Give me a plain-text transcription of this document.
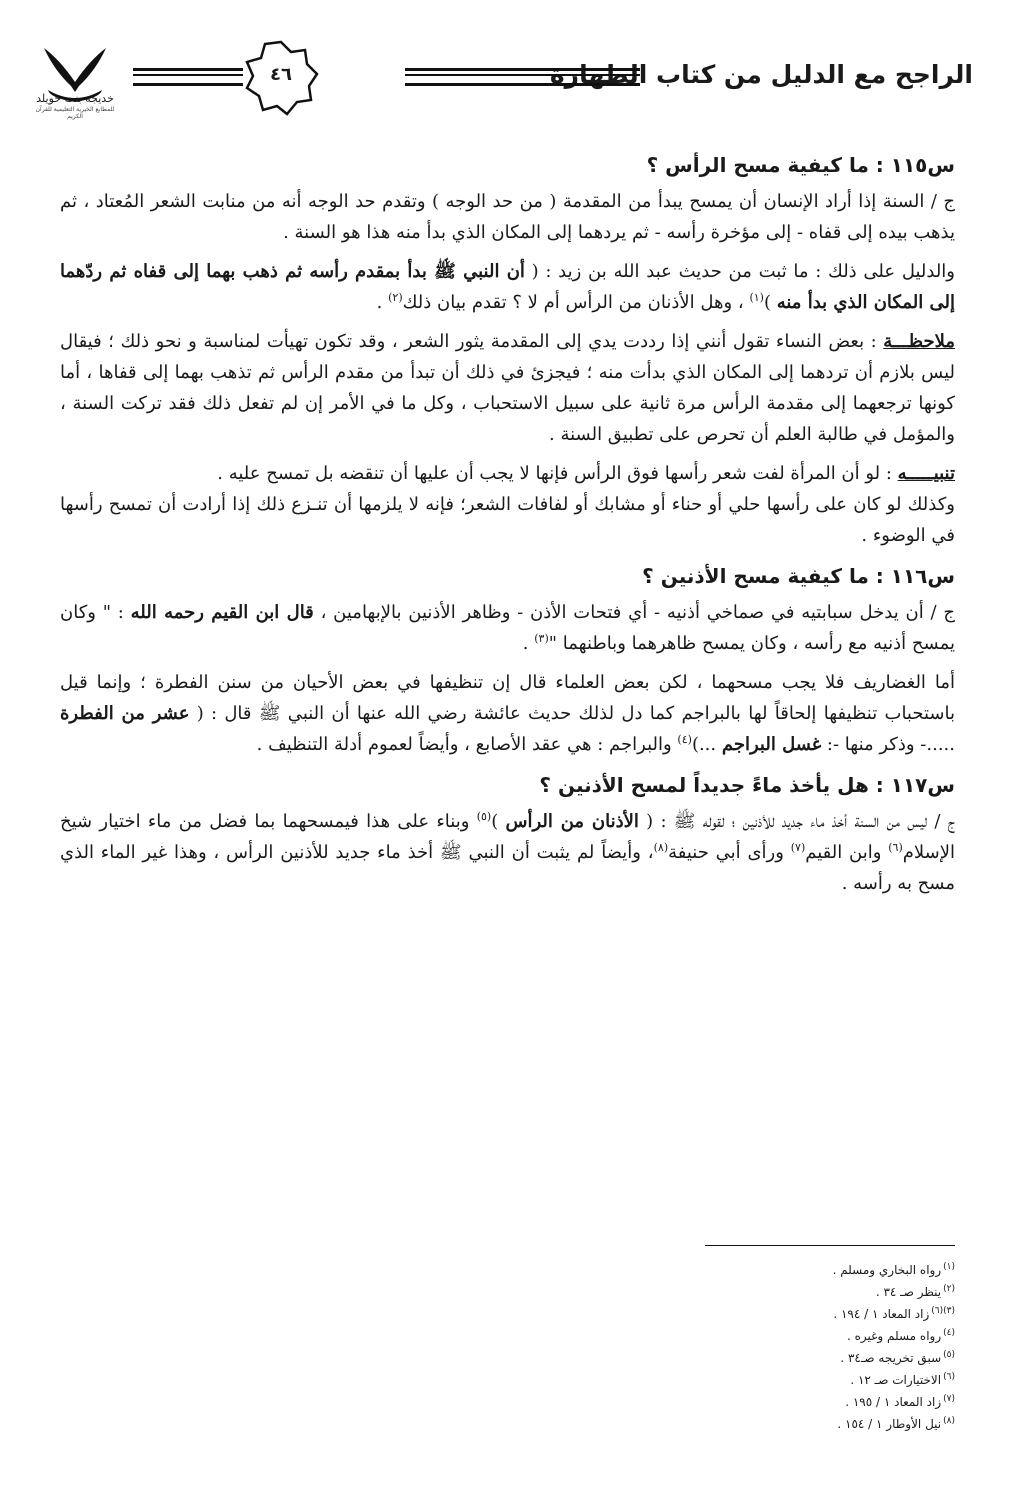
الراجح مع الدليل من كتاب الطهارة
٤٦
خديجة بنت خويلد
للمطابع الخيرية التعليمية للقرآن الكريم
س١١٥ : ما كيفية مسح الرأس ؟

ج / السنة إذا أراد الإنسان أن يمسح يبدأ من المقدمة ( من حد الوجه ) وتقدم حد الوجه أنه من منابت الشعر المُعتاد ، ثم يذهب بيده إلى قفاه - إلى مؤخرة رأسه - ثم يردهما إلى المكان الذي بدأ منه هذا هو السنة .

والدليل على ذلك : ما ثبت من حديث عبد الله بن زيد : ( أن النبي ﷺ بدأ بمقدم رأسه ثم ذهب بهما إلى قفاه ثم ردّهما إلى المكان الذي بدأ منه )$^{(١)}$ ، وهل الأذنان من الرأس أم لا ؟ تقدم بيان ذلك$^{(٢)}$ .

ملاحظـــة : بعض النساء تقول أنني إذا رددت يدي إلى المقدمة يثور الشعر ، وقد تكون تهيأت لمناسبة و نحو ذلك ؛ فيقال ليس بلازم أن تردهما إلى المكان الذي بدأت منه ؛ فيجزئ في ذلك أن تبدأ من مقدم الرأس ثم تذهب بهما إلى قفاها ، أما كونها ترجعهما إلى مقدمة الرأس مرة ثانية على سبيل الاستحباب ، وكل ما في الأمر إن لم تفعل ذلك فقد تركت السنة ، والمؤمل في طالبة العلم أن تحرص على تطبيق السنة .

تنبيـــــه : لو أن المرأة لفت شعر رأسها فوق الرأس فإنها لا يجب أن عليها أن تنقضه بل تمسح عليه .

وكذلك لو كان على رأسها حلي أو حناء أو مشابك أو لفافات الشعر؛ فإنه لا يلزمها أن تنـزع ذلك إذا أرادت أن تمسح رأسها في الوضوء .

س١١٦ : ما كيفية مسح الأذنين ؟

ج / أن يدخل سبابتيه في صماخي أذنيه - أي فتحات الأذن - وظاهر الأذنين بالإبهامين ، قال ابن القيم رحمه الله : " وكان يمسح أذنيه مع رأسه ، وكان يمسح ظاهرهما وباطنهما "$^{(٣)}$ .

أما الغضاريف فلا يجب مسحهما ، لكن بعض العلماء قال إن تنظيفها في بعض الأحيان من سنن الفطرة ؛ وإنما قيل باستحباب تنظيفها إلحاقاً لها بالبراجم كما دل لذلك حديث عائشة رضي الله عنها أن النبي ﷺ قال : ( عشر من الفطرة .....- وذكر منها -: غسل البراجم ...)$^{(٤)}$ والبراجم : هي عقد الأصابع ، وأيضاً لعموم أدلة التنظيف .

س١١٧ : هل يأخذ ماءً جديداً لمسح الأذنين ؟

ج / ليس من السنة أخذ ماء جديد للأذنين ؛ لقوله ﷺ : ( الأذنان من الرأس )$^{(٥)}$ وبناء على هذا فيمسحهما بما فضل من ماء اختيار شيخ الإسلام$^{(٦)}$ وابن القيم$^{(٧)}$ ورأى أبي حنيفة$^{(٨)}$، وأيضاً لم يثبت أن النبي ﷺ أخذ ماء جديد للأذنين الرأس ، وهذا غير الماء الذي مسح به رأسه .

$^{(١)}$رواه البخاري ومسلم .
$^{(٢)}$ينظر صـ ٣٤ .
$^{(٣)(٦)}$زاد المعاد ١ / ١٩٤ .
$^{(٤)}$رواه مسلم وغيره .
$^{(٥)}$سبق تخريجه صـ٣٤ .
$^{(٦)}$الاختيارات صـ ١٢ .
$^{(٧)}$زاد المعاد ١ / ١٩٥ .
$^{(٨)}$نيل الأوطار ١ / ١٥٤ .
